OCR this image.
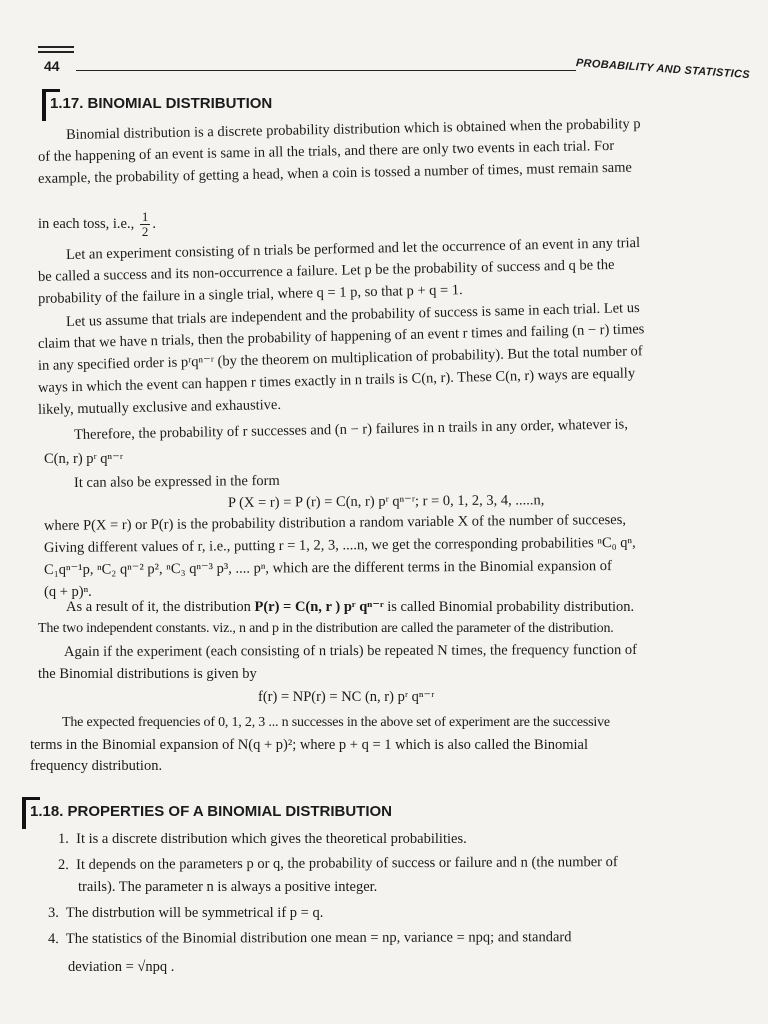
44	PROBABILITY AND STATISTICS
1.17. BINOMIAL DISTRIBUTION
Binomial distribution is a discrete probability distribution which is obtained when the probability p
of the happening of an event is same in all the trials, and there are only two events in each trial. For
example, the probability of getting a head, when a coin is tossed a number of times, must remain same
in each toss, i.e., $\frac{1}{2}$ .
Let an experiment consisting of n trials be performed and let the occurrence of an event in any trial
be called a success and its non-occurrence a failure. Let p be the probability of success and q be the
probability of the failure in a single trial, where q = 1 p, so that p + q = 1.
Let us assume that trials are independent and the probability of success is same in each trial. Let us
claim that we have n trials, then the probability of happening of an event r times and failing (n − r) times
in any specified order is pʳqⁿ⁻ʳ (by the theorem on multiplication of probability). But the total number of
ways in which the event can happen r times exactly in n trails is C(n, r). These C(n, r) ways are equally
likely, mutually exclusive and exhaustive.
Therefore, the probability of r successes and (n − r) failures in n trails in any order, whatever is,
C(n, r) pʳ qⁿ⁻ʳ
It can also be expressed in the form
P (X = r) = P (r) = C(n, r) pʳ qⁿ⁻ʳ; r = 0, 1, 2, 3, 4, .....n,
where P(X = r) or P(r) is the probability distribution a random variable X of the number of succeses,
Giving different values of r, i.e., putting r = 1, 2, 3, ....n, we get the corresponding probabilities ⁿC₀ qⁿ,
C₁qⁿ⁻¹p, ⁿC₂ qⁿ⁻² p², ⁿC₃ qⁿ⁻³ p³, .... pⁿ, which are the different terms in the Binomial expansion of
(q + p)ⁿ.
As a result of it, the distribution P(r) = C(n, r ) pʳ qⁿ⁻ʳ is called Binomial probability distribution.
The two independent constants. viz., n and p in the distribution are called the parameter of the distribution.
Again if the experiment (each consisting of n trials) be repeated N times, the frequency function of
the Binomial distributions is given by
f(r) = NP(r) = NC (n, r) pʳ qⁿ⁻ʳ
The expected frequencies of 0, 1, 2, 3 ... n successes in the above set of experiment are the successive
terms in the Binomial expansion of N(q + p)²; where p + q = 1 which is also called the Binomial
frequency distribution.
1.18. PROPERTIES OF A BINOMIAL DISTRIBUTION
1. It is a discrete distribution which gives the theoretical probabilities.
2. It depends on the parameters p or q, the probability of success or failure and n (the number of
trails). The parameter n is always a positive integer.
3. The distrbution will be symmetrical if p = q.
4. The statistics of the Binomial distribution one mean = np, variance = npq; and standard
deviation = √npq .
